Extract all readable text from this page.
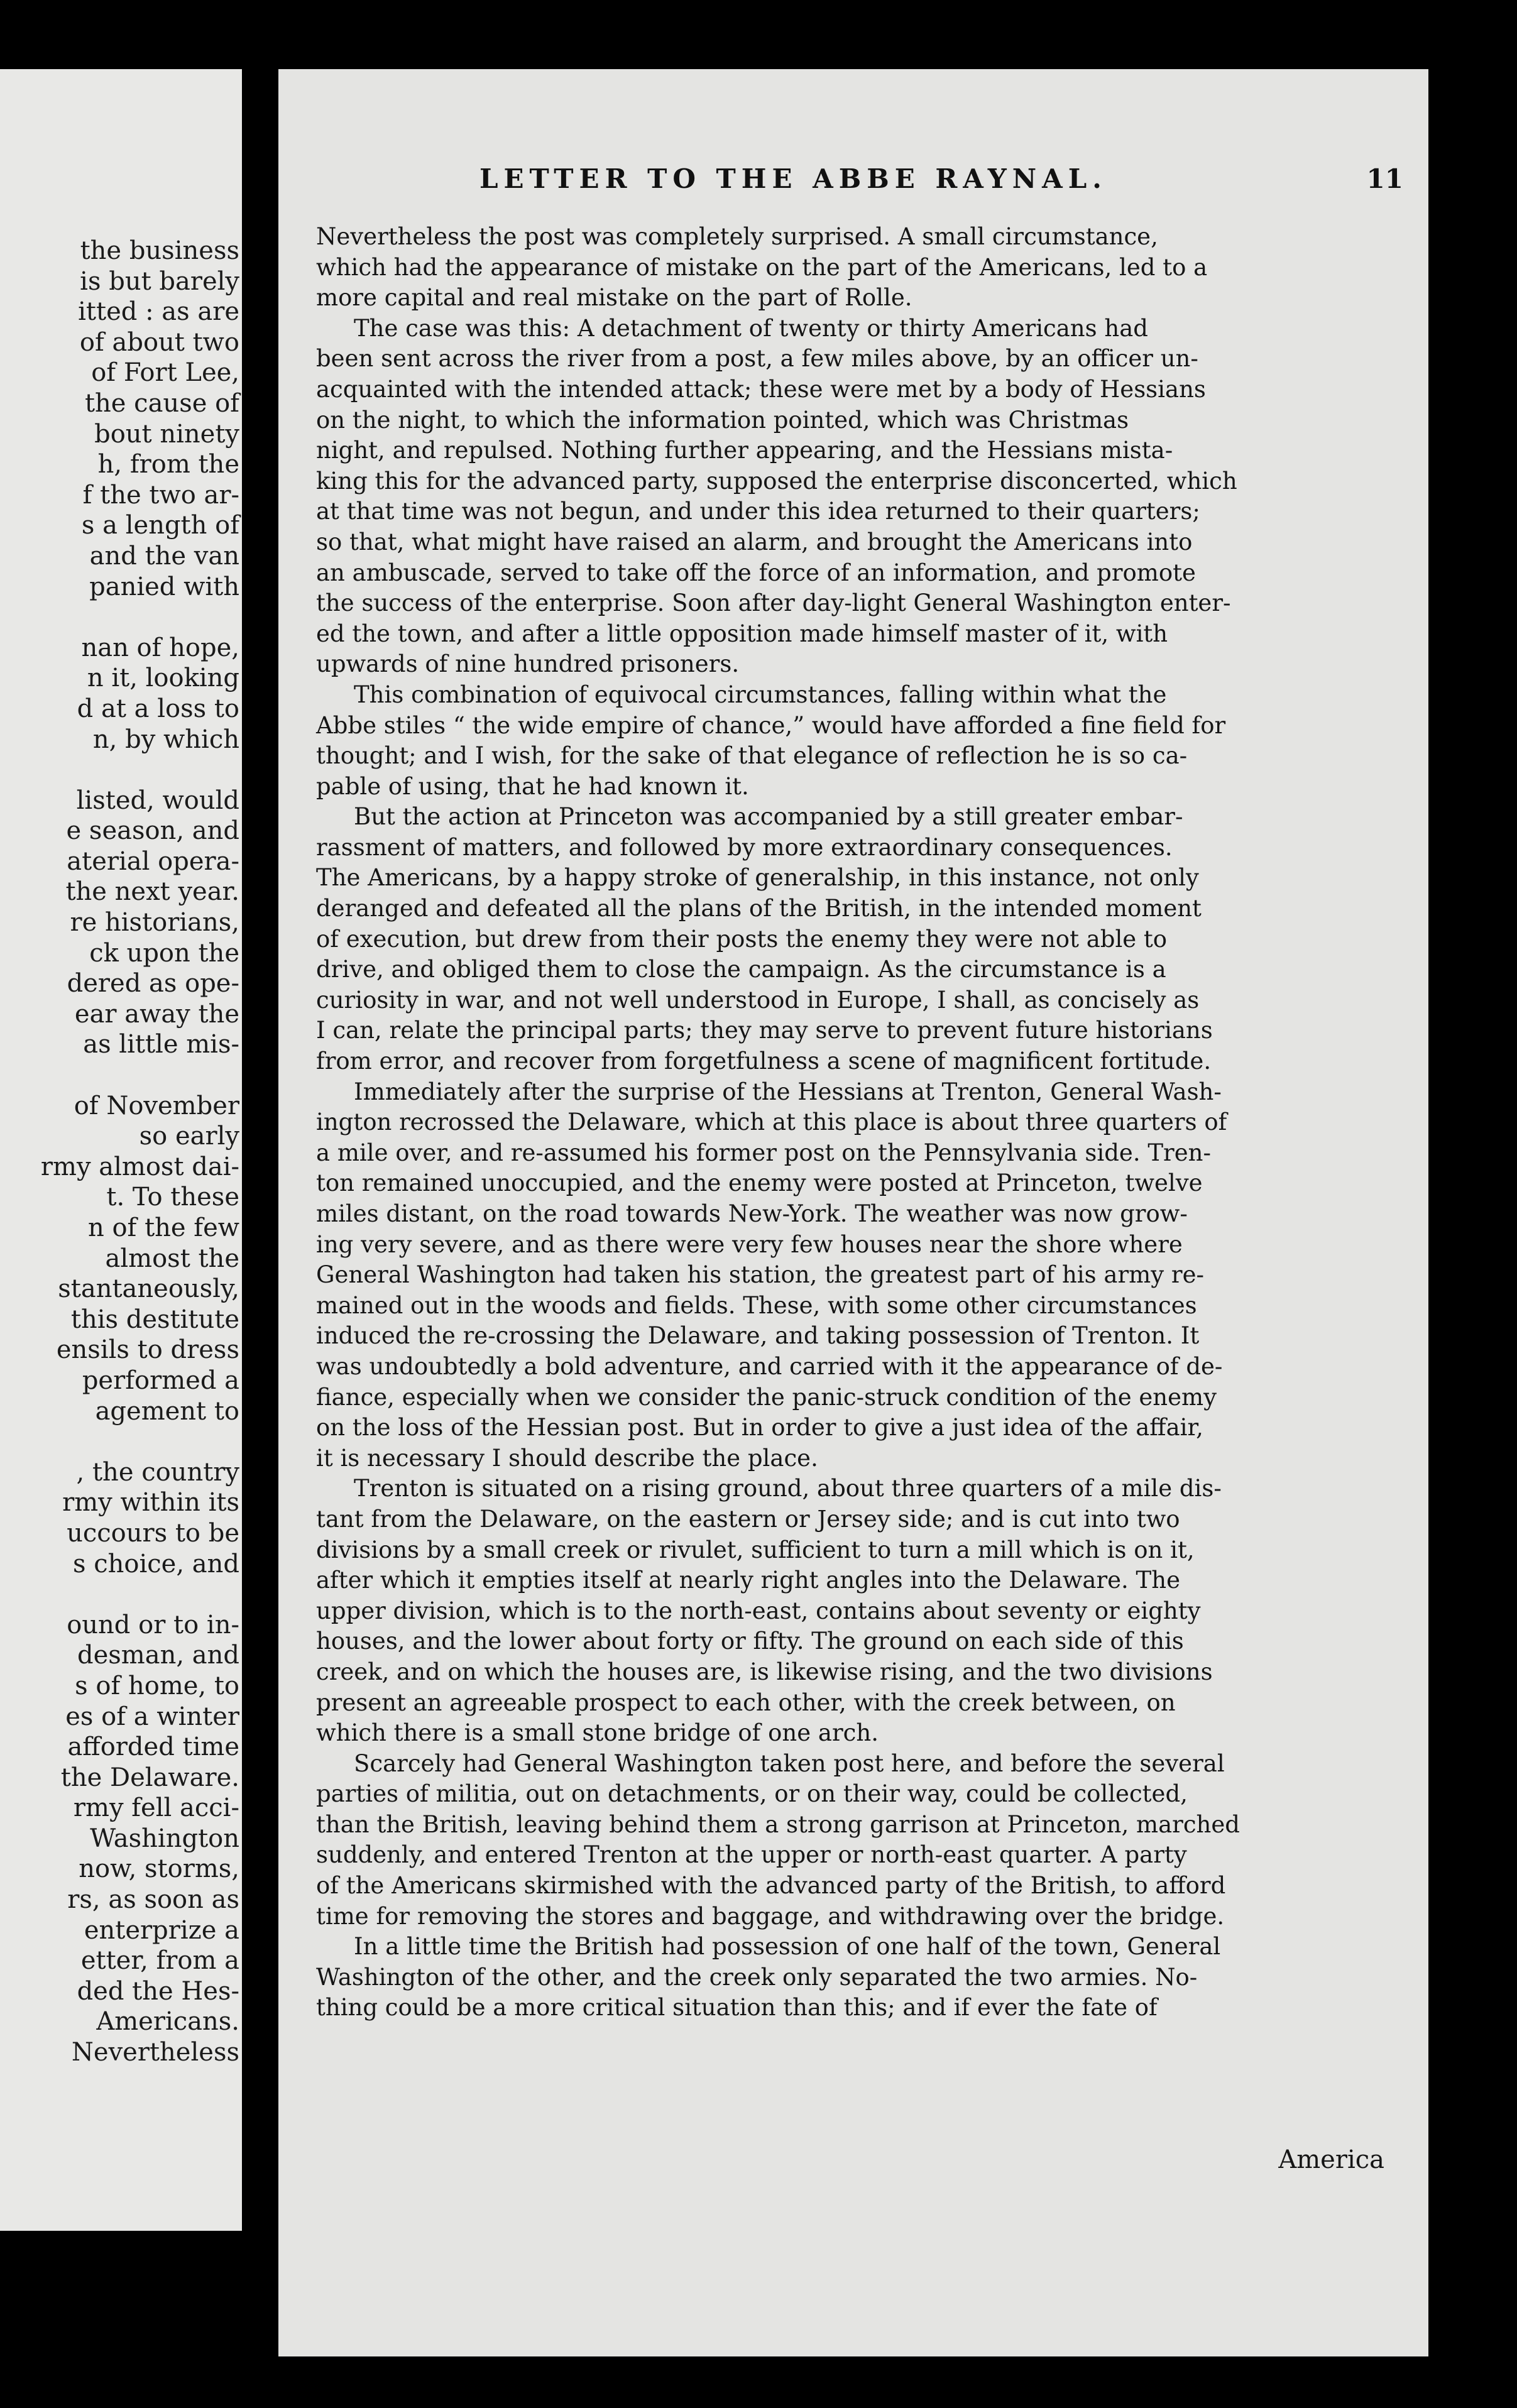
the business
is but barely
itted : as are
of about two
of Fort Lee,
the cause of
bout ninety
h, from the
f the two ar-
s a length of
and the van
panied with
nan of hope,
n it, looking
d at a loss to
n, by which
listed, would
e season, and
aterial opera-
the next year.
re historians,
ck upon the
dered as ope-
ear away the
as little mis-
of November
so early
rmy almost dai-
t. To these
n of the few
almost the
stantaneously,
this destitute
ensils to dress
performed a
agement to
, the country
rmy within its
uccours to be
s choice, and
ound or to in-
desman, and
s of home, to
es of a winter
afforded time
the Delaware.
rmy fell acci-
Washington
now, storms,
rs, as soon as
enterprize a
etter, from a
ded the Hes-
Americans.
Nevertheless
LETTER TO THE ABBE RAYNAL.	11
Nevertheless the post was completely surprised. A small circumstance,
which had the appearance of mistake on the part of the Americans, led to a
more capital and real mistake on the part of Rolle.
The case was this: A detachment of twenty or thirty Americans had
been sent across the river from a post, a few miles above, by an officer un-
acquainted with the intended attack; these were met by a body of Hessians
on the night, to which the information pointed, which was Christmas
night, and repulsed. Nothing further appearing, and the Hessians mista-
king this for the advanced party, supposed the enterprise disconcerted, which
at that time was not begun, and under this idea returned to their quarters;
so that, what might have raised an alarm, and brought the Americans into
an ambuscade, served to take off the force of an information, and promote
the success of the enterprise. Soon after day-light General Washington enter-
ed the town, and after a little opposition made himself master of it, with
upwards of nine hundred prisoners.
This combination of equivocal circumstances, falling within what the
Abbe stiles “ the wide empire of chance,” would have afforded a fine field for
thought; and I wish, for the sake of that elegance of reflection he is so ca-
pable of using, that he had known it.
But the action at Princeton was accompanied by a still greater embar-
rassment of matters, and followed by more extraordinary consequences.
The Americans, by a happy stroke of generalship, in this instance, not only
deranged and defeated all the plans of the British, in the intended moment
of execution, but drew from their posts the enemy they were not able to
drive, and obliged them to close the campaign. As the circumstance is a
curiosity in war, and not well understood in Europe, I shall, as concisely as
I can, relate the principal parts; they may serve to prevent future historians
from error, and recover from forgetfulness a scene of magnificent fortitude.
Immediately after the surprise of the Hessians at Trenton, General Wash-
ington recrossed the Delaware, which at this place is about three quarters of
a mile over, and re-assumed his former post on the Pennsylvania side. Tren-
ton remained unoccupied, and the enemy were posted at Princeton, twelve
miles distant, on the road towards New-York. The weather was now grow-
ing very severe, and as there were very few houses near the shore where
General Washington had taken his station, the greatest part of his army re-
mained out in the woods and fields. These, with some other circumstances
induced the re-crossing the Delaware, and taking possession of Trenton. It
was undoubtedly a bold adventure, and carried with it the appearance of de-
fiance, especially when we consider the panic-struck condition of the enemy
on the loss of the Hessian post. But in order to give a just idea of the affair,
it is necessary I should describe the place.
Trenton is situated on a rising ground, about three quarters of a mile dis-
tant from the Delaware, on the eastern or Jersey side; and is cut into two
divisions by a small creek or rivulet, sufficient to turn a mill which is on it,
after which it empties itself at nearly right angles into the Delaware. The
upper division, which is to the north-east, contains about seventy or eighty
houses, and the lower about forty or fifty. The ground on each side of this
creek, and on which the houses are, is likewise rising, and the two divisions
present an agreeable prospect to each other, with the creek between, on
which there is a small stone bridge of one arch.
Scarcely had General Washington taken post here, and before the several
parties of militia, out on detachments, or on their way, could be collected,
than the British, leaving behind them a strong garrison at Princeton, marched
suddenly, and entered Trenton at the upper or north-east quarter. A party
of the Americans skirmished with the advanced party of the British, to afford
time for removing the stores and baggage, and withdrawing over the bridge.
In a little time the British had possession of one half of the town, General
Washington of the other, and the creek only separated the two armies. No-
thing could be a more critical situation than this; and if ever the fate of
America
